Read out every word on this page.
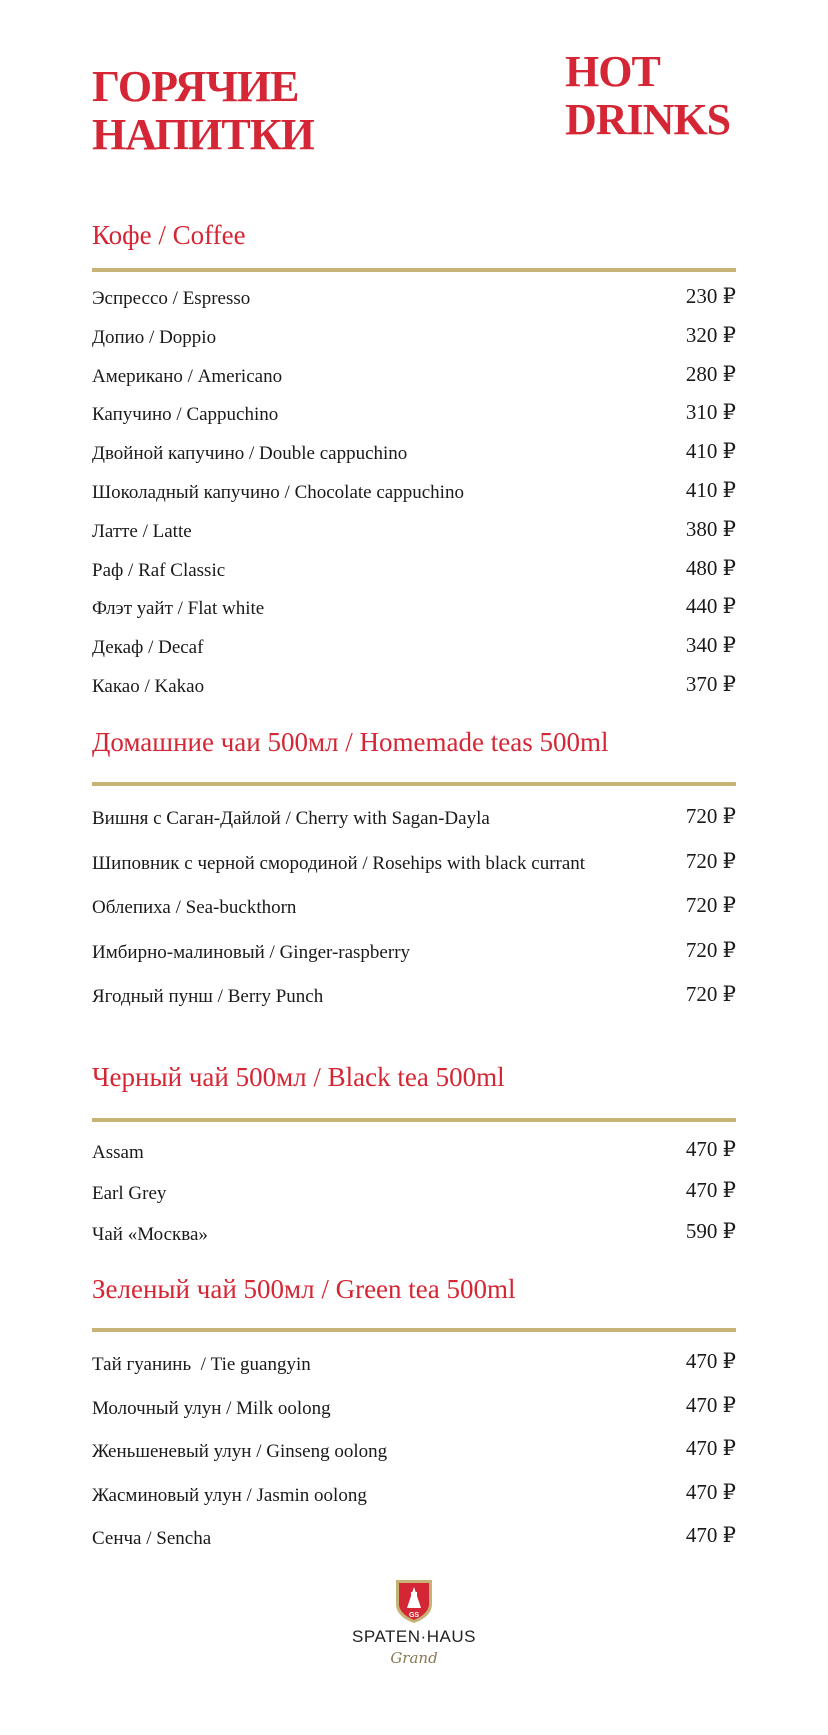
ГОРЯЧИЕ
НАПИТКИ
HOT
DRINKS
Кофе / Coffee
Эспрессо / Espresso	230 ₽
Допио / Doppio	320 ₽
Американо / Americano	280 ₽
Капучино / Cappuchino	310 ₽
Двойной капучино / Double cappuchino	410 ₽
Шоколадный капучино / Chocolate cappuchino	410 ₽
Латте / Latte	380 ₽
Раф / Raf Classic	480 ₽
Флэт уайт / Flat white	440 ₽
Декаф / Decaf	340 ₽
Какао / Kakao	370 ₽
Домашние чаи 500мл / Homemade teas 500ml
Вишня с Саган-Дайлой / Cherry with Sagan-Dayla	720 ₽
Шиповник с черной смородиной / Rosehips with black currant	720 ₽
Облепиха / Sea-buckthorn	720 ₽
Имбирно-малиновый / Ginger-raspberry	720 ₽
Ягодный пунш / Berry Punch	720 ₽
Черный чай 500мл / Black tea 500ml
Assam	470 ₽
Earl Grey	470 ₽
Чай «Москва»	590 ₽
Зеленый чай 500мл / Green tea 500ml
Тай гуанинь  / Tie guangyin	470 ₽
Молочный улун / Milk oolong	470 ₽
Женьшеневый улун / Ginseng oolong	470 ₽
Жасминовый улун / Jasmin oolong	470 ₽
Сенча / Sencha	470 ₽
GS
SPATEN·HAUS
Grand
